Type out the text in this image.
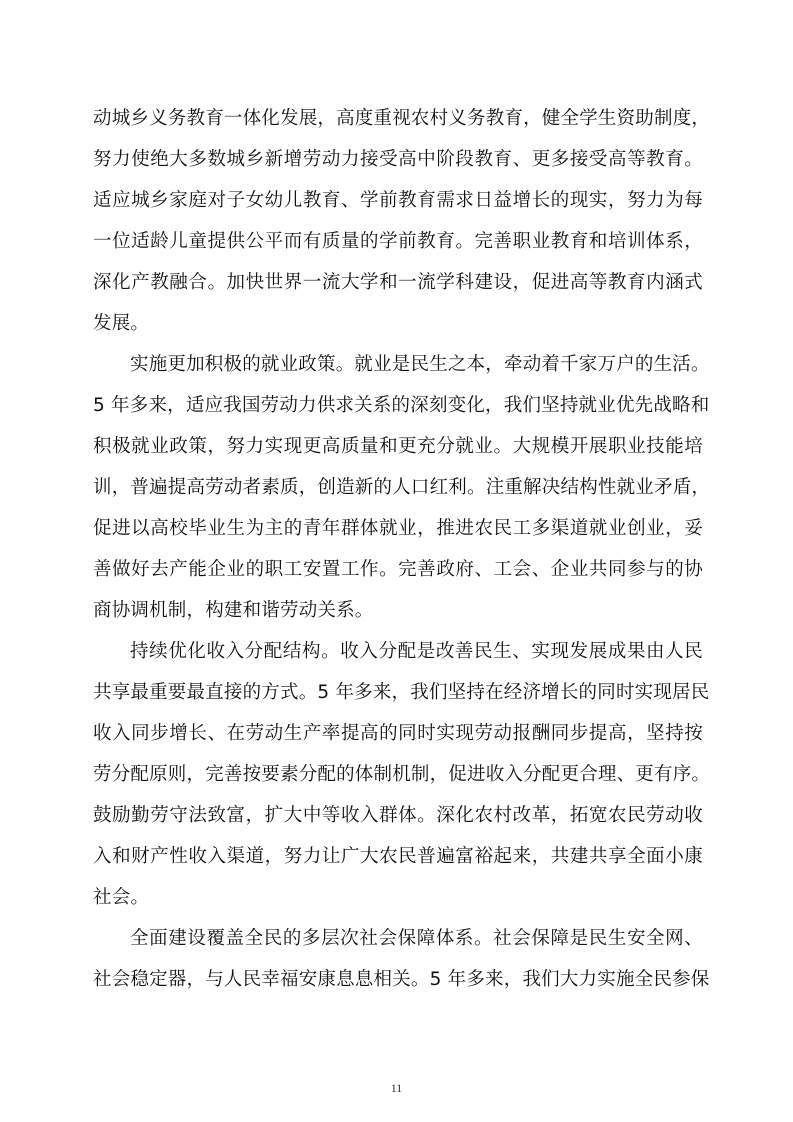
动城乡义务教育一体化发展，高度重视农村义务教育，健全学生资助制度，
努力使绝大多数城乡新增劳动力接受高中阶段教育、更多接受高等教育。
适应城乡家庭对子女幼儿教育、学前教育需求日益增长的现实，努力为每
一位适龄儿童提供公平而有质量的学前教育。完善职业教育和培训体系，
深化产教融合。加快世界一流大学和一流学科建设，促进高等教育内涵式
发展。
实施更加积极的就业政策。就业是民生之本，牵动着千家万户的生活。
5 年多来，适应我国劳动力供求关系的深刻变化，我们坚持就业优先战略和
积极就业政策，努力实现更高质量和更充分就业。大规模开展职业技能培
训，普遍提高劳动者素质，创造新的人口红利。注重解决结构性就业矛盾，
促进以高校毕业生为主的青年群体就业，推进农民工多渠道就业创业，妥
善做好去产能企业的职工安置工作。完善政府、工会、企业共同参与的协
商协调机制，构建和谐劳动关系。
持续优化收入分配结构。收入分配是改善民生、实现发展成果由人民
共享最重要最直接的方式。5 年多来，我们坚持在经济增长的同时实现居民
收入同步增长、在劳动生产率提高的同时实现劳动报酬同步提高，坚持按
劳分配原则，完善按要素分配的体制机制，促进收入分配更合理、更有序。
鼓励勤劳守法致富，扩大中等收入群体。深化农村改革，拓宽农民劳动收
入和财产性收入渠道，努力让广大农民普遍富裕起来，共建共享全面小康
社会。
全面建设覆盖全民的多层次社会保障体系。社会保障是民生安全网、
社会稳定器，与人民幸福安康息息相关。5 年多来，我们大力实施全民参保
11
